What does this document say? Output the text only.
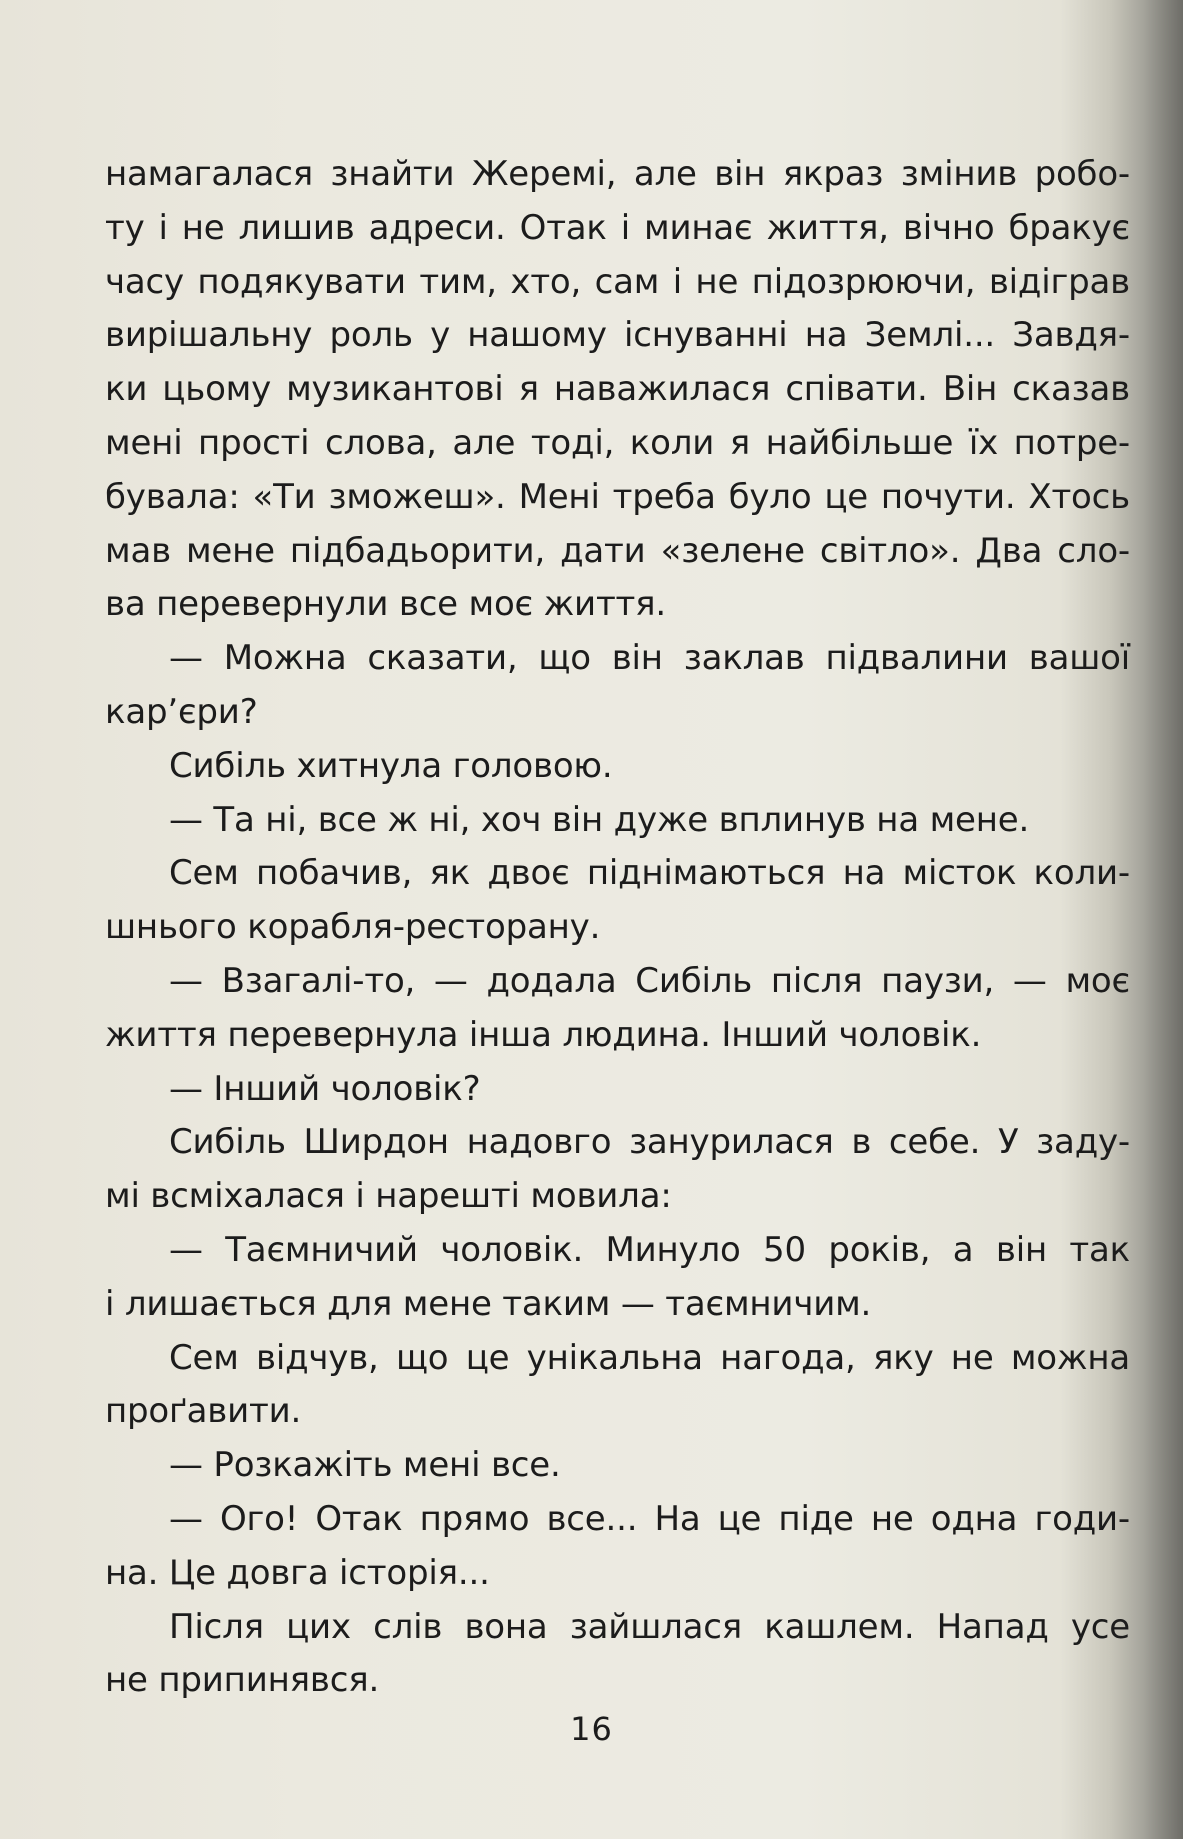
намагалася знайти Жеремі, але він якраз змінив робо-
ту і не лишив адреси. Отак і минає життя, вічно бракує
часу подякувати тим, хто, сам і не підозрюючи, відіграв
вирішальну роль у нашому існуванні на Землі... Завдя-
ки цьому музикантові я наважилася співати. Він сказав
мені прості слова, але тоді, коли я найбільше їх потре-
бувала: «Ти зможеш». Мені треба було це почути. Хтось
мав мене підбадьорити, дати «зелене світло». Два сло-
ва перевернули все моє життя.
— Можна сказати, що він заклав підвалини вашої
кар’єри?
Сибіль хитнула головою.
— Та ні, все ж ні, хоч він дуже вплинув на мене.
Сем побачив, як двоє піднімаються на місток коли-
шнього корабля-ресторану.
— Взагалі-то, — додала Сибіль після паузи, — моє
життя перевернула інша людина. Інший чоловік.
— Інший чоловік?
Сибіль Ширдон надовго занурилася в себе. У заду-
мі всміхалася і нарешті мовила:
— Таємничий чоловік. Минуло 50 років, а він так
і лишається для мене таким — таємничим.
Сем відчув, що це унікальна нагода, яку не можна
проґавити.
— Розкажіть мені все.
— Ого! Отак прямо все... На це піде не одна годи-
на. Це довга історія...
Після цих слів вона зайшлася кашлем. Напад усе
не припинявся.
16
